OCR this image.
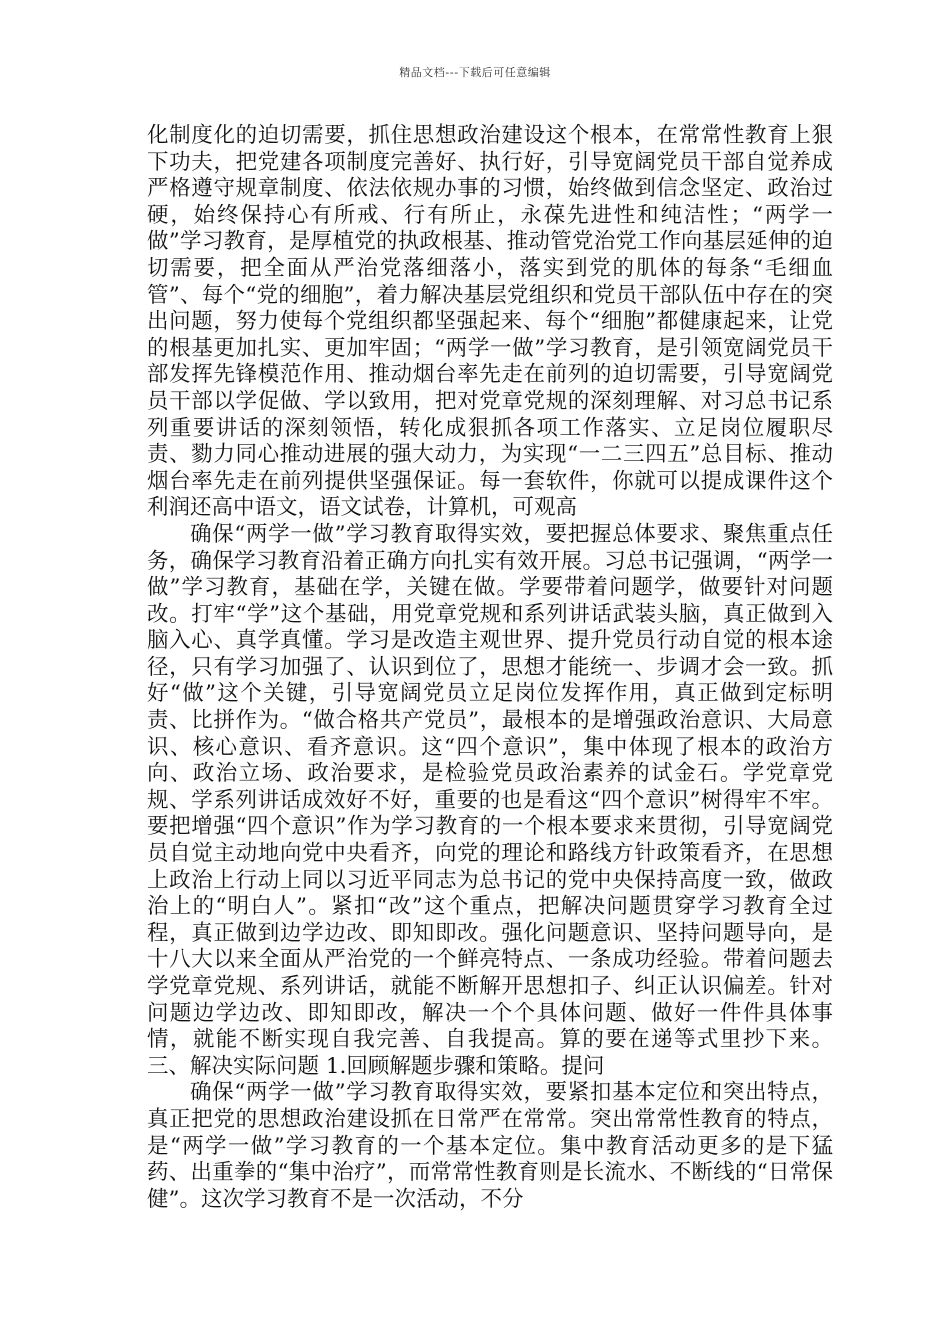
精品文档---下载后可任意编辑

化制度化的迫切需要，抓住思想政治建设这个根本，在常常性教育上狠下功夫，把党建各项制度完善好、执行好，引导宽阔党员干部自觉养成严格遵守规章制度、依法依规办事的习惯，始终做到信念坚定、政治过硬，始终保持心有所戒、行有所止，永葆先进性和纯洁性；“两学一做”学习教育，是厚植党的执政根基、推动管党治党工作向基层延伸的迫切需要，把全面从严治党落细落小，落实到党的肌体的每条“毛细血管”、每个“党的细胞”，着力解决基层党组织和党员干部队伍中存在的突出问题，努力使每个党组织都坚强起来、每个“细胞”都健康起来，让党的根基更加扎实、更加牢固；“两学一做”学习教育，是引领宽阔党员干部发挥先锋模范作用、推动烟台率先走在前列的迫切需要，引导宽阔党员干部以学促做、学以致用，把对党章党规的深刻理解、对习总书记系列重要讲话的深刻领悟，转化成狠抓各项工作落实、立足岗位履职尽责、勠力同心推动进展的强大动力，为实现“一二三四五”总目标、推动烟台率先走在前列提供坚强保证。每一套软件，你就可以提成课件这个利润还高中语文，语文试卷，计算机，可观高

确保“两学一做”学习教育取得实效，要把握总体要求、聚焦重点任务，确保学习教育沿着正确方向扎实有效开展。习总书记强调，“两学一做”学习教育，基础在学，关键在做。学要带着问题学，做要针对问题改。打牢“学”这个基础，用党章党规和系列讲话武装头脑，真正做到入脑入心、真学真懂。学习是改造主观世界、提升党员行动自觉的根本途径，只有学习加强了、认识到位了，思想才能统一、步调才会一致。抓好“做”这个关键，引导宽阔党员立足岗位发挥作用，真正做到定标明责、比拼作为。“做合格共产党员”，最根本的是增强政治意识、大局意识、核心意识、看齐意识。这“四个意识”，集中体现了根本的政治方向、政治立场、政治要求，是检验党员政治素养的试金石。学党章党规、学系列讲话成效好不好，重要的也是看这“四个意识”树得牢不牢。要把增强“四个意识”作为学习教育的一个根本要求来贯彻，引导宽阔党员自觉主动地向党中央看齐，向党的理论和路线方针政策看齐，在思想上政治上行动上同以习近平同志为总书记的党中央保持高度一致，做政治上的“明白人”。紧扣“改”这个重点，把解决问题贯穿学习教育全过程，真正做到边学边改、即知即改。强化问题意识、坚持问题导向，是十八大以来全面从严治党的一个鲜亮特点、一条成功经验。带着问题去学党章党规、系列讲话，就能不断解开思想扣子、纠正认识偏差。针对问题边学边改、即知即改，解决一个个具体问题、做好一件件具体事情，就能不断实现自我完善、自我提高。算的要在递等式里抄下来。三、解决实际问题 1.回顾解题步骤和策略。提问

确保“两学一做”学习教育取得实效，要紧扣基本定位和突出特点，真正把党的思想政治建设抓在日常严在常常。突出常常性教育的特点，是“两学一做”学习教育的一个基本定位。集中教育活动更多的是下猛药、出重拳的“集中治疗”，而常常性教育则是长流水、不断线的“日常保健”。这次学习教育不是一次活动，不分
